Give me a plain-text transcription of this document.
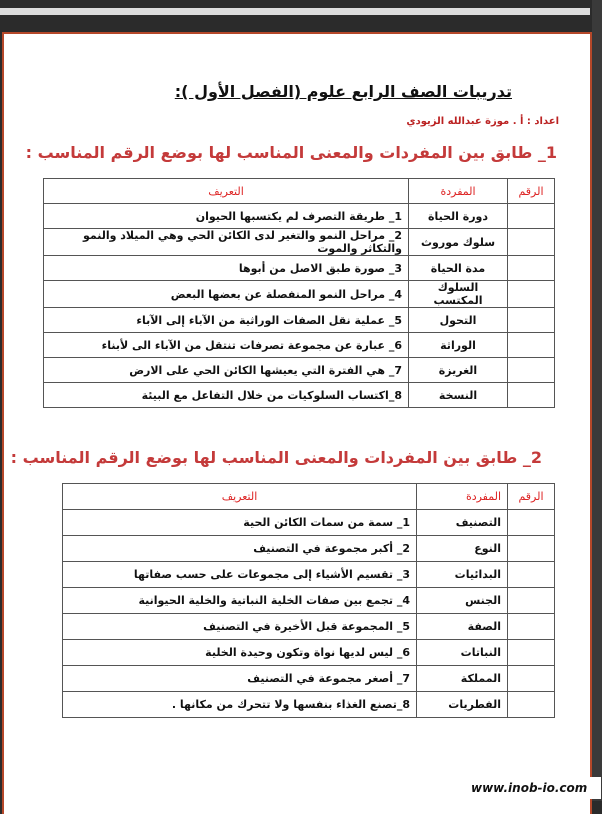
تدريبات الصف الرابع علوم (الفصل الأول ):
اعداد : أ . موزة عبدالله الزيودي
1_ طابق بين المفردات والمعنى المناسب لها بوضع الرقم المناسب :
الرقم	المفردة	التعريف
	دورة الحياة	1_ طريقة التصرف لم يكتسبها الحيوان
	سلوك موروث	2_ مراحل النمو والتغير لدى الكائن الحي وهي الميلاد والنمو والتكاثر والموت
	مدة الحياة	3_ صورة طبق الاصل من أبوها
	السلوك المكتسب	4_ مراحل النمو المنفصلة عن بعضها البعض
	التحول	5_ عملية نقل الصفات الوراثية من الآباء إلى الآباء
	الوراثة	6_ عبارة عن مجموعة تصرفات تنتقل من الآباء الى لأبناء
	الغريزة	7_ هي الفترة التي يعيشها الكائن الحي على الارض
	النسخة	8_اكتساب السلوكيات من خلال التفاعل مع البيئة
2_ طابق بين المفردات والمعنى المناسب لها بوضع الرقم المناسب :
الرقم	المفردة	التعريف
	التصنيف	1_ سمة من سمات الكائن الحية
	النوع	2_ أكبر مجموعة في التصنيف
	البدائيات	3_ تقسيم الأشياء إلى مجموعات على حسب صفاتها
	الجنس	4_ تجمع بين صفات الخلية النباتية والخلية الحيوانية
	الصفة	5_ المجموعة قبل الأخيرة في التصنيف
	النباتات	6_ ليس لديها نواة وتكون وحيدة الخلية
	المملكة	7_ أصغر مجموعة في التصنيف
	الفطريات	8_تصنع الغذاء بنفسها ولا تتحرك من مكانها .
www.inob-io.com
